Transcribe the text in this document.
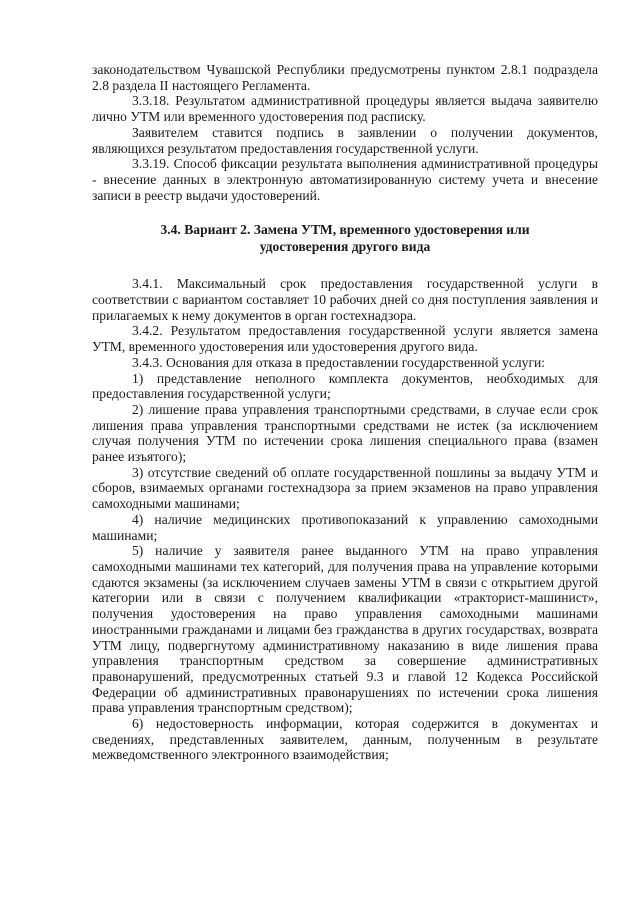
законодательством Чувашской Республики предусмотрены пунктом 2.8.1 подраздела 2.8 раздела II настоящего Регламента.

3.3.18. Результатом административной процедуры является выдача заявителю лично УТМ или временного удостоверения под расписку.

Заявителем ставится подпись в заявлении о получении документов, являющихся результатом предоставления государственной услуги.

3.3.19. Способ фиксации результата выполнения административной процедуры - внесение данных в электронную автоматизированную систему учета и внесение записи в реестр выдачи удостоверений.

3.4. Вариант 2. Замена УТМ, временного удостоверения или
удостоверения другого вида

3.4.1. Максимальный срок предоставления государственной услуги в соответствии с вариантом составляет 10 рабочих дней со дня поступления заявления и прилагаемых к нему документов в орган гостехнадзора.

3.4.2. Результатом предоставления государственной услуги является замена УТМ, временного удостоверения или удостоверения другого вида.

3.4.3. Основания для отказа в предоставлении государственной услуги:

1) представление неполного комплекта документов, необходимых для предоставления государственной услуги;

2) лишение права управления транспортными средствами, в случае если срок лишения права управления транспортными средствами не истек (за исключением случая получения УТМ по истечении срока лишения специального права (взамен ранее изъятого);

3) отсутствие сведений об оплате государственной пошлины за выдачу УТМ и сборов, взимаемых органами гостехнадзора за прием экзаменов на право управления самоходными машинами;

4) наличие медицинских противопоказаний к управлению самоходными машинами;

5) наличие у заявителя ранее выданного УТМ на право управления самоходными машинами тех категорий, для получения права на управление которыми сдаются экзамены (за исключением случаев замены УТМ в связи с открытием другой категории или в связи с получением квалификации «тракторист-машинист», получения удостоверения на право управления самоходными машинами иностранными гражданами и лицами без гражданства в других государствах, возврата УТМ лицу, подвергнутому административному наказанию в виде лишения права управления транспортным средством за совершение административных правонарушений, предусмотренных статьей 9.3 и главой 12 Кодекса Российской Федерации об административных правонарушениях по истечении срока лишения права управления транспортным средством);

6) недостоверность информации, которая содержится в документах и сведениях, представленных заявителем, данным, полученным в результате межведомственного электронного взаимодействия;
